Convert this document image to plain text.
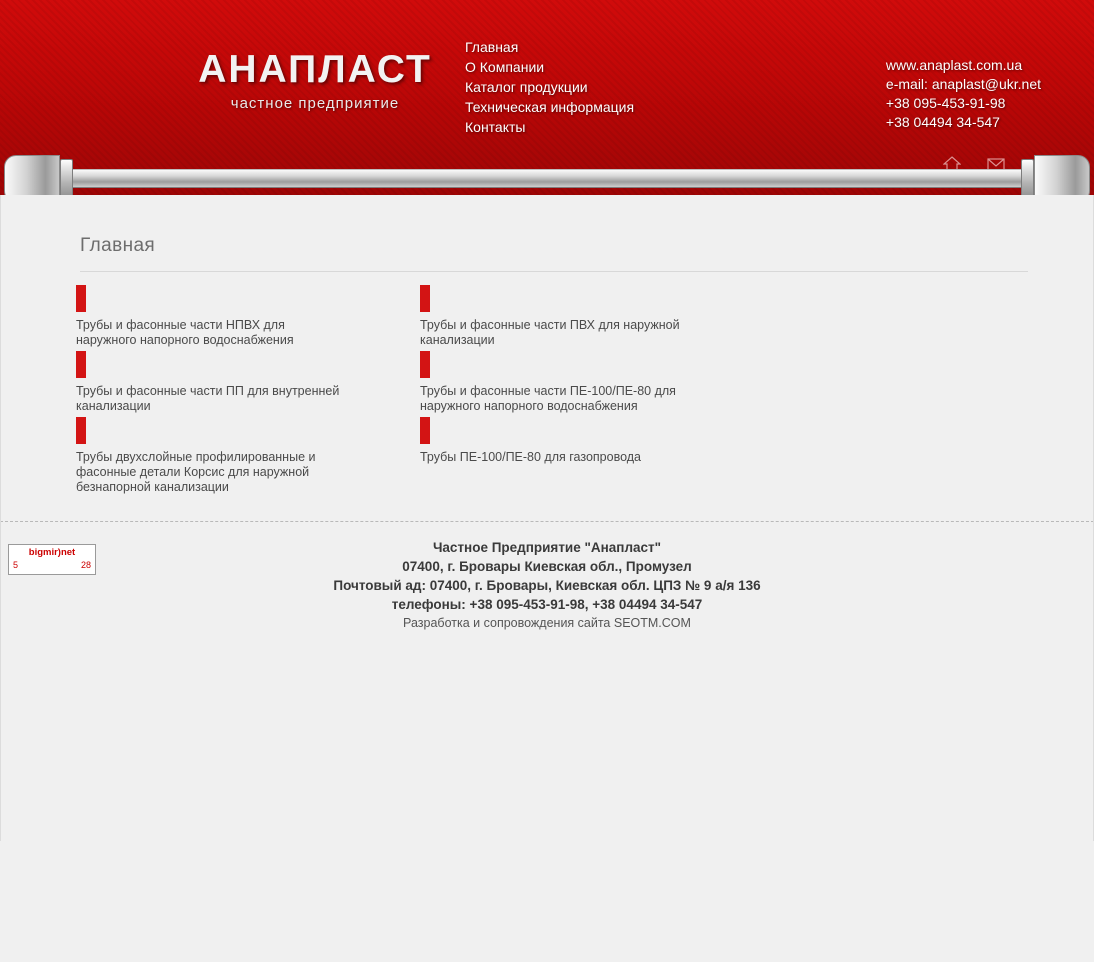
АНАПЛАСТ
частное предприятие
Главная
О Компании
Каталог продукции
Техническая информация
Контакты
www.anaplast.com.ua
e-mail: anaplast@ukr.net
+38 095-453-91-98
+38 04494 34-547
Главная
Трубы и фасонные части НПВХ для наружного напорного водоснабжения
Трубы и фасонные части ПВХ для наружной канализации
Трубы и фасонные части ПП для внутренней канализации
Трубы и фасонные части ПЕ-100/ПЕ-80 для наружного напорного водоснабжения
Трубы двухслойные профилированные и фасонные детали Корсис для наружной безнапорной канализации
Трубы ПЕ-100/ПЕ-80 для газопровода
bigmir)net
5	28
Частное Предприятие "Анапласт"
07400, г. Бровары Киевская обл., Промузел
Почтовый ад: 07400, г. Бровары, Киевская обл. ЦПЗ № 9 а/я 136
телефоны: +38 095-453-91-98, +38 04494 34-547
Разработка и сопровождения сайта SEOTM.COM
